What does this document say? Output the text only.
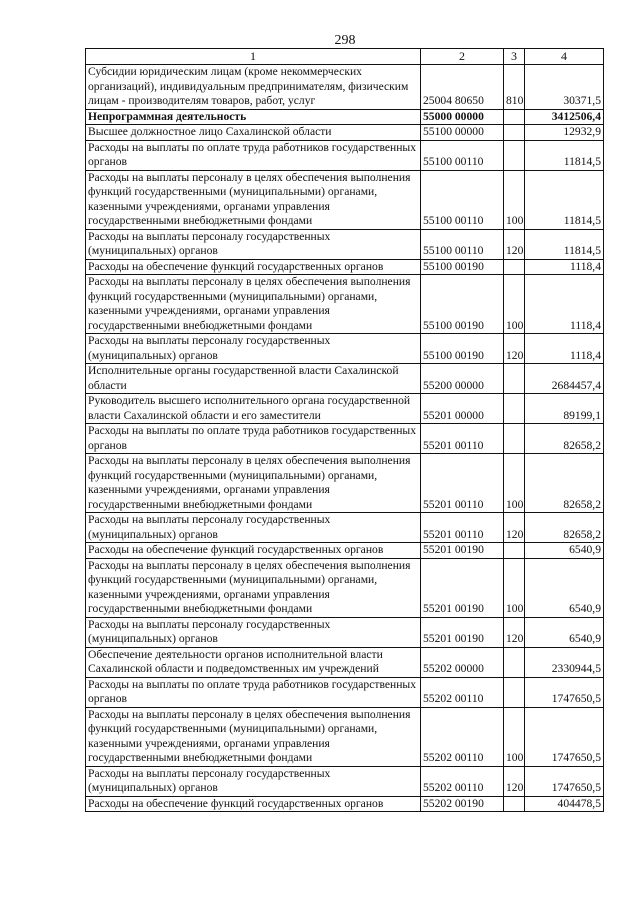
298
1	2	3	4
Субсидии юридическим лицам (кроме некоммерческих организаций), индивидуальным предпринимателям, физическим лицам - производителям товаров, работ, услуг	25004 80650	810	30371,5
Непрограммная деятельность	55000 00000		3412506,4
Высшее должностное лицо Сахалинской области	55100 00000		12932,9
Расходы на выплаты по оплате труда работников государственных органов	55100 00110		11814,5
Расходы на выплаты персоналу в целях обеспечения выполнения функций государственными (муниципальными) органами, казенными учреждениями, органами управления государственными внебюджетными фондами	55100 00110	100	11814,5
Расходы на выплаты персоналу государственных (муниципальных) органов	55100 00110	120	11814,5
Расходы на обеспечение функций государственных органов	55100 00190		1118,4
Расходы на выплаты персоналу в целях обеспечения выполнения функций государственными (муниципальными) органами, казенными учреждениями, органами управления государственными внебюджетными фондами	55100 00190	100	1118,4
Расходы на выплаты персоналу государственных (муниципальных) органов	55100 00190	120	1118,4
Исполнительные органы государственной власти Сахалинской области	55200 00000		2684457,4
Руководитель высшего исполнительного органа государственной власти Сахалинской области и его заместители	55201 00000		89199,1
Расходы на выплаты по оплате труда работников государственных органов	55201 00110		82658,2
Расходы на выплаты персоналу в целях обеспечения выполнения функций государственными (муниципальными) органами, казенными учреждениями, органами управления государственными внебюджетными фондами	55201 00110	100	82658,2
Расходы на выплаты персоналу государственных (муниципальных) органов	55201 00110	120	82658,2
Расходы на обеспечение функций государственных органов	55201 00190		6540,9
Расходы на выплаты персоналу в целях обеспечения выполнения функций государственными (муниципальными) органами, казенными учреждениями, органами управления государственными внебюджетными фондами	55201 00190	100	6540,9
Расходы на выплаты персоналу государственных (муниципальных) органов	55201 00190	120	6540,9
Обеспечение деятельности органов исполнительной власти Сахалинской области и подведомственных им учреждений	55202 00000		2330944,5
Расходы на выплаты по оплате труда работников государственных органов	55202 00110		1747650,5
Расходы на выплаты персоналу в целях обеспечения выполнения функций государственными (муниципальными) органами, казенными учреждениями, органами управления государственными внебюджетными фондами	55202 00110	100	1747650,5
Расходы на выплаты персоналу государственных (муниципальных) органов	55202 00110	120	1747650,5
Расходы на обеспечение функций государственных органов	55202 00190		404478,5
